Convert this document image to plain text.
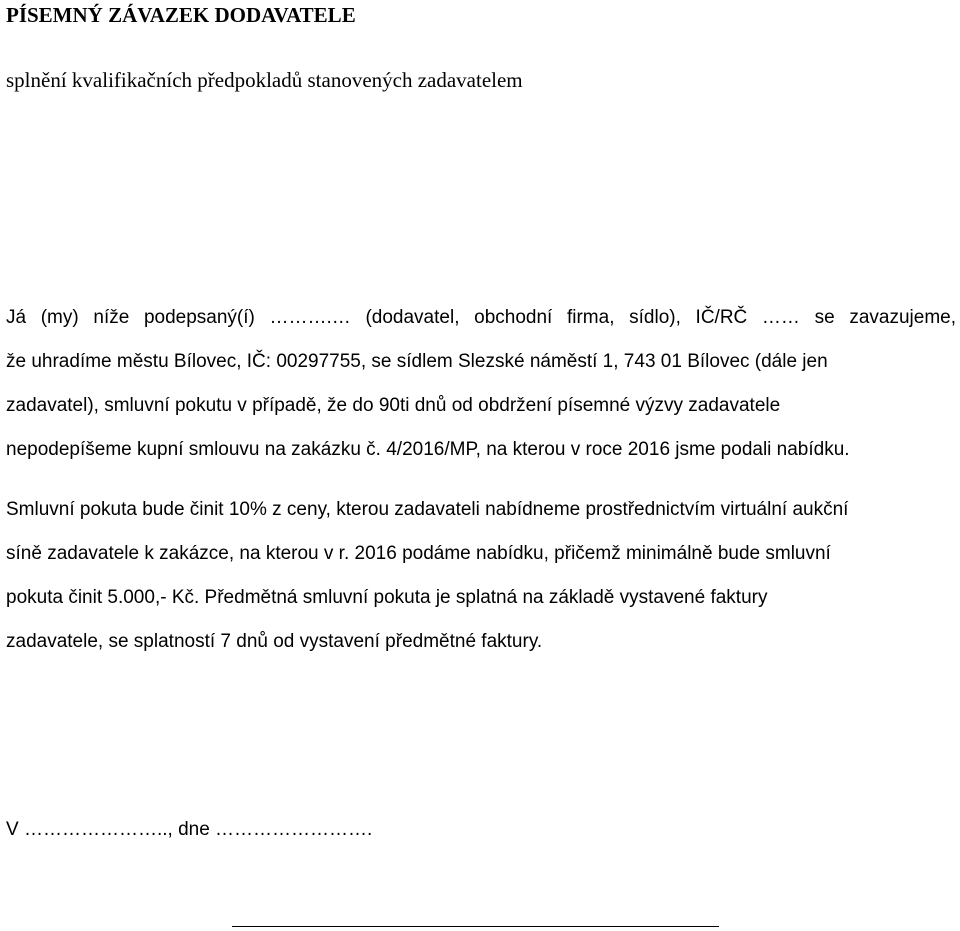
PÍSEMNÝ ZÁVAZEK DODAVATELE
splnění kvalifikačních předpokladů stanovených zadavatelem
Já (my) níže podepsaný(í) ……….… (dodavatel, obchodní firma, sídlo), IČ/RČ …… se zavazujeme,
že uhradíme městu Bílovec, IČ: 00297755, se sídlem Slezské náměstí 1, 743 01 Bílovec (dále jen
zadavatel), smluvní pokutu v případě, že do 90ti dnů od obdržení písemné výzvy zadavatele
nepodepíšeme kupní smlouvu na zakázku č. 4/2016/MP, na kterou v roce 2016 jsme podali nabídku.
Smluvní pokuta bude činit 10% z ceny, kterou zadavateli nabídneme prostřednictvím virtuální aukční
síně zadavatele k zakázce, na kterou v r. 2016 podáme nabídku, přičemž minimálně bude smluvní
pokuta činit 5.000,- Kč. Předmětná smluvní pokuta je splatná na základě vystavené faktury
zadavatele, se splatností 7 dnů od vystavení předmětné faktury.
V ………………….., dne …………………….
